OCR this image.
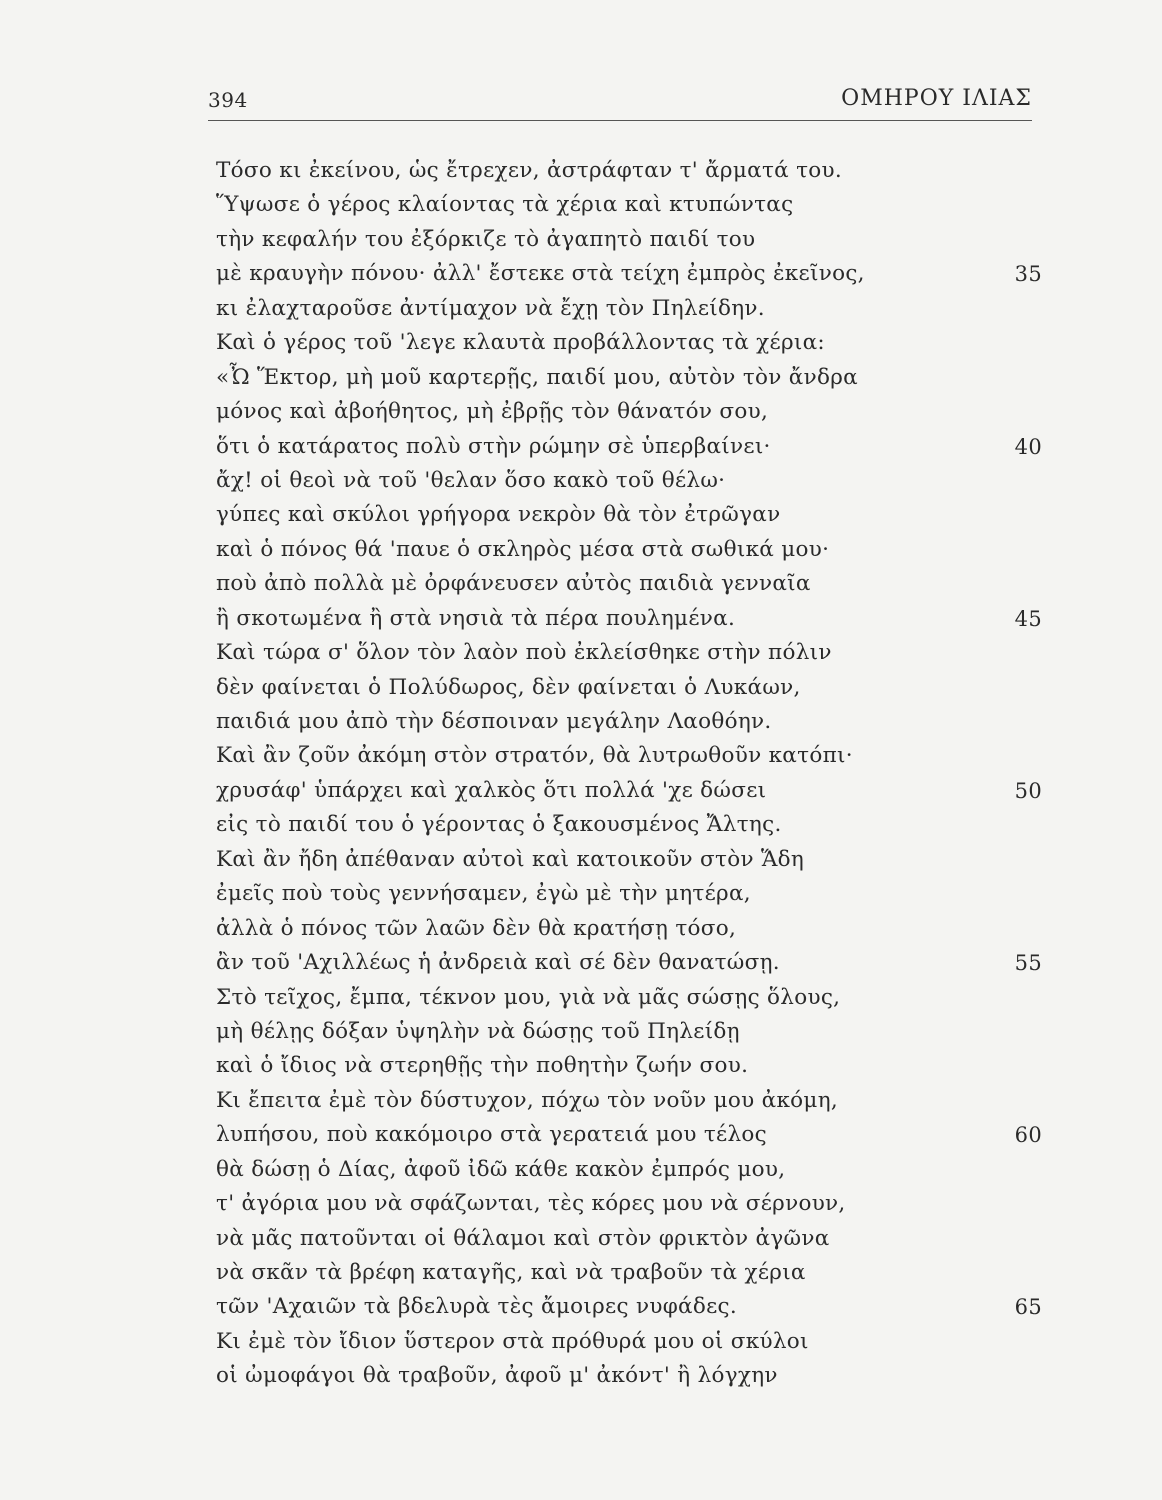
394	ΟΜΗΡΟΥ ΙΛΙΑΣ
Τόσο κι ἐκείνου, ὡς ἔτρεχεν, ἀστράφταν τ' ἄρματά του.
Ὕψωσε ὁ γέρος κλαίοντας τὰ χέρια καὶ κτυπώντας
τὴν κεφαλήν του ἐξόρκιζε τὸ ἀγαπητὸ παιδί του
μὲ κραυγὴν πόνου· ἀλλ' ἔστεκε στὰ τείχη ἐμπρὸς ἐκεῖνος,	35
κι ἐλαχταροῦσε ἀντίμαχον νὰ ἔχῃ τὸν Πηλείδην.
Καὶ ὁ γέρος τοῦ 'λεγε κλαυτὰ προβάλλοντας τὰ χέρια:
«Ὦ Ἕκτορ, μὴ μοῦ καρτερῇς, παιδί μου, αὐτὸν τὸν ἄνδρα
μόνος καὶ ἀβοήθητος, μὴ ἐβρῇς τὸν θάνατόν σου,
ὅτι ὁ κατάρατος πολὺ στὴν ρώμην σὲ ὑπερβαίνει·	40
ἄχ! οἱ θεοὶ νὰ τοῦ 'θελαν ὅσο κακὸ τοῦ θέλω·
γύπες καὶ σκύλοι γρήγορα νεκρὸν θὰ τὸν ἐτρῶγαν
καὶ ὁ πόνος θά 'παυε ὁ σκληρὸς μέσα στὰ σωθικά μου·
ποὺ ἀπὸ πολλὰ μὲ ὀρφάνευσεν αὐτὸς παιδιὰ γενναῖα
ἢ σκοτωμένα ἢ στὰ νησιὰ τὰ πέρα πουλημένα.	45
Καὶ τώρα σ' ὅλον τὸν λαὸν ποὺ ἐκλείσθηκε στὴν πόλιν
δὲν φαίνεται ὁ Πολύδωρος, δὲν φαίνεται ὁ Λυκάων,
παιδιά μου ἀπὸ τὴν δέσποιναν μεγάλην Λαοθόην.
Καὶ ἂν ζοῦν ἀκόμη στὸν στρατόν, θὰ λυτρωθοῦν κατόπι·
χρυσάφ' ὑπάρχει καὶ χαλκὸς ὅτι πολλά 'χε δώσει	50
εἰς τὸ παιδί του ὁ γέροντας ὁ ξακουσμένος Ἄλτης.
Καὶ ἂν ἤδη ἀπέθαναν αὐτοὶ καὶ κατοικοῦν στὸν Ἅδη
ἐμεῖς ποὺ τοὺς γεννήσαμεν, ἐγὼ μὲ τὴν μητέρα,
ἀλλὰ ὁ πόνος τῶν λαῶν δὲν θὰ κρατήσῃ τόσο,
ἂν τοῦ 'Αχιλλέως ἡ ἀνδρειὰ καὶ σέ δὲν θανατώσῃ.	55
Στὸ τεῖχος, ἔμπα, τέκνον μου, γιὰ νὰ μᾶς σώσῃς ὅλους,
μὴ θέλῃς δόξαν ὑψηλὴν νὰ δώσῃς τοῦ Πηλείδῃ
καὶ ὁ ἴδιος νὰ στερηθῇς τὴν ποθητὴν ζωήν σου.
Κι ἔπειτα ἐμὲ τὸν δύστυχον, πόχω τὸν νοῦν μου ἀκόμη,
λυπήσου, ποὺ κακόμοιρο στὰ γερατειά μου τέλος	60
θὰ δώσῃ ὁ Δίας, ἀφοῦ ἰδῶ κάθε κακὸν ἐμπρός μου,
τ' ἀγόρια μου νὰ σφάζωνται, τὲς κόρες μου νὰ σέρνουν,
νὰ μᾶς πατοῦνται οἱ θάλαμοι καὶ στὸν φρικτὸν ἀγῶνα
νὰ σκᾶν τὰ βρέφη καταγῆς, καὶ νὰ τραβοῦν τὰ χέρια
τῶν 'Αχαιῶν τὰ βδελυρὰ τὲς ἄμοιρες νυφάδες.	65
Κι ἐμὲ τὸν ἴδιον ὕστερον στὰ πρόθυρά μου οἱ σκύλοι
οἱ ὠμοφάγοι θὰ τραβοῦν, ἀφοῦ μ' ἀκόντ' ἢ λόγχην
